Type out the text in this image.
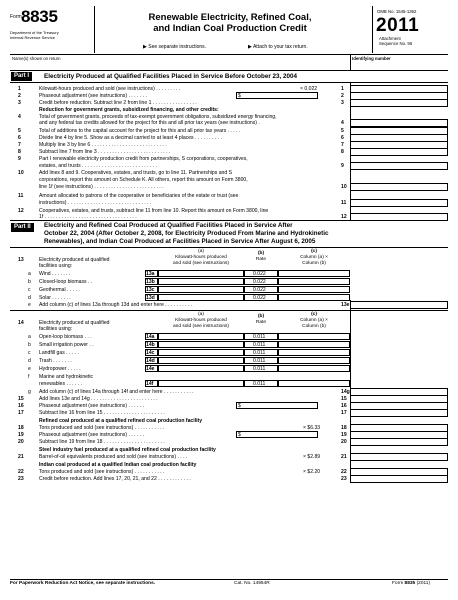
Form 8835
Department of the Treasury
Internal Revenue Service
Renewable Electricity, Refined Coal,
and Indian Coal Production Credit
▶ See separate instructions.	▶ Attach to your tax return.
OMB No. 1545-1362
2011
Attachment
Sequence No. 95
Name(s) shown on return	Identifying number
Part I	Electricity Produced at Qualified Facilities Placed in Service Before October 23, 2004
1	Kilowatt-hours produced and sold (see instructions) . . . . . . . . .	× 0.022	1
2	Phaseout adjustment (see instructions) . . . . . . .	$	2
3	Credit before reduction. Subtract line 2 from line 1 . . . . . . . . . . . . . . . .	3
Reduction for government grants, subsidized financing, and other credits:
4	Total of government grants, proceeds of tax-exempt government obligations, subsidized energy financing,
and any federal tax credits allowed for the project for this and all prior tax years (see instructions) .	4
5	Total of additions to the capital account for the project for this and all prior tax years . . . . .	5
6	Divide line 4 by line 5. Show as a decimal carried to at least 4 places . . . . . . . . . .	6
7	Multiply line 3 by line 6 . . . . . . . . . . . . . . . . . . . . . . . . . . .	7
8	Subtract line 7 from line 3 . . . . . . . . . . . . . . . . . . . . . . . . . .	8
9	Part I renewable electricity production credit from partnerships, S corporations, cooperatives,
estates, and trusts . . . . . . . . . . . . . . . . . . . . . . . . . . .	9
10	Add lines 8 and 9. Cooperatives, estates, and trusts, go to line 11. Partnerships and S
corporations, report this amount on Schedule K. All others, report this amount on Form 3800,
line 1f (see instructions) . . . . . . . . . . . . . . . . . . . . . . . . .	10
11	Amount allocated to patrons of the cooperative or beneficiaries of the estate or trust (see
instructions) . . . . . . . . . . . . . . . . . . . . . . . . . . . . . .	11
12	Cooperatives, estates, and trusts, subtract line 11 from line 10. Report this amount on Form 3800, line
1f . . . . . . . . . . . . . . . . . . . . . . . . . . . . . . . . .	12
Part II	Electricity and Refined Coal Produced at Qualified Facilities Placed in Service After
October 22, 2004 (After October 2, 2008, for Electricity Produced From Marine and Hydrokinetic
Renewables), and Indian Coal Produced at Facilities Placed in Service After August 6, 2005
(a)
Kilowatt-hours produced
and sold (see instructions)
(b)
Rate
(c)
Column (a) ×
Column (b)
13	Electricity produced at qualified
facilities using:
a Wind . . . . . . .	13a	0.022
b Closed-loop biomass . .	13b	0.022
c Geothermal . . . . .	13c	0.022
d Solar . . . . . . .	13d	0.022
e Add column (c) of lines 13a through 13d and enter here . . . . . . . . . .	13e
(a)
Kilowatt-hours produced
and sold (see instructions)
(b)
Rate
(c)
Column (a) ×
Column (b)
14	Electricity produced at qualified
facilities using:
a Open-loop biomass . . .	14a	0.011
b Small irrigation power . .	14b	0.011
c Landfill gas . . . . .	14c	0.011
d Trash . . . . . . .	14d	0.011
e Hydropower . . . . .	14e	0.011
f Marine and hydrokinetic
renewables . . . . . .	14f	0.011
g Add column (c) of lines 14a through 14f and enter here . . . . . . . . . . .	14g
15	Add lines 13e and 14g . . . . . . . . . . . . . . . . . . . . . . . .	15
16	Phaseout adjustment (see instructions) . . . . . .	$	16
17	Subtract line 16 from line 15 . . . . . . . . . . . . . . . . . . . . . .	17
Refined coal produced at a qualified refined coal production facility
18	Tons produced and sold (see instructions) . . . . . . . . . . .	× $6.33	18
19	Phaseout adjustment (see instructions) . . . . . .	$	19
20	Subtract line 19 from line 18 . . . . . . . . . . . . . . . . . . . . . .	20
Steel industry fuel produced at a qualified refined coal production facility
21	Barrel-of-oil equivalents produced and sold (see instructions) . . . .	× $2.89	21
Indian coal produced at a qualified Indian coal production facility
22	Tons produced and sold (see instructions) . . . . . . . . . . .	× $2.20	22
23	Credit before reduction. Add lines 17, 20, 21, and 22 . . . . . . . . . . . .	23
For Paperwork Reduction Act Notice, see separate instructions.	Cat. No. 14954R	Form 8835 (2011)
